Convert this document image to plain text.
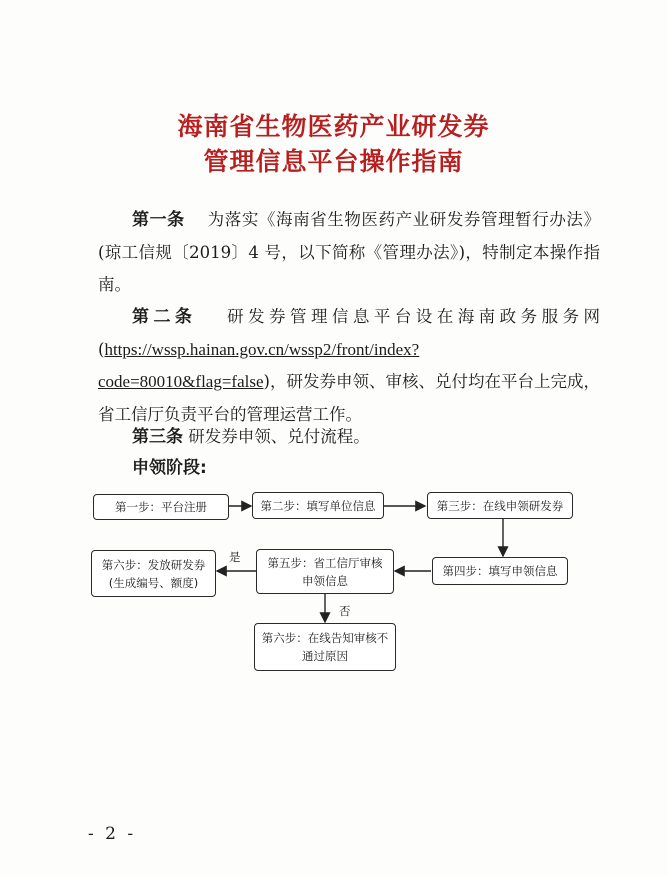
海南省生物医药产业研发券
管理信息平台操作指南

第一条   为落实《海南省生物医药产业研发券管理暂行办法》(琼工信规〔2019〕4 号，以下简称《管理办法》)，特制定本操作指南。

第二条   研发券管理信息平台设在海南政务服务网(https://wssp.hainan.gov.cn/wssp2/front/index?code=80010&flag=false)，研发券申领、审核、兑付均在平台上完成，省工信厅负责平台的管理运营工作。

第三条 研发券申领、兑付流程。

申领阶段:

第一步：平台注册	第二步：填写单位信息	第三步：在线申领研发券
第四步：填写申领信息
第五步：省工信厅审核
申领信息
第六步：发放研发券
(生成编号、额度)
第六步：在线告知审核不
通过原因
是
否
- 2 -
